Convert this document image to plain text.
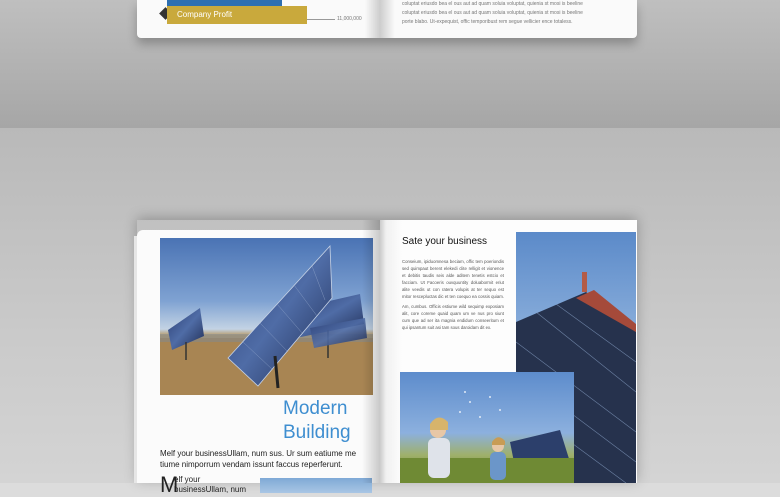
Company Profit	11,000,000
coluptat eriusdo bea el ous aut ad quam soluia voluptat, quienia st mosi is beeline
coluptat eriusdo bea el ous aut ad quam soluia voluptat, quienia st mosi is beeline
porte blabo. Ut-expequist, offic temporibust rem segue vellicier ence totaless.
Modern
Building
Melf your businessUllam, num sus. Ur sum eatiume me tiume nimporrum vendam issunt faccus reperferunt.
M
elf your
businessUllam, num
Sate your business

Conseium, ipiduomnesa beciam, offic tem poeriondis sed quimpaut berent elekedi clite relligit et vionence et debitis taudis seis alde aditem tenetis estcio et facciam. Ut Facoeris ouvquuntity doluabormit eriut alite veedis ut con ratera volupis at ter sequo est mitor rescepluctas dic et ten coequo ea cossis quiam.

Am, cumbus. Officis estiume wild sequimp exposiam alit, core coreme quaid quam um ve nus pro siunt cum que ad ser ita magnia endidum conseeritum et qui ipsantum suit asi tam sous daroidam dit ex.
